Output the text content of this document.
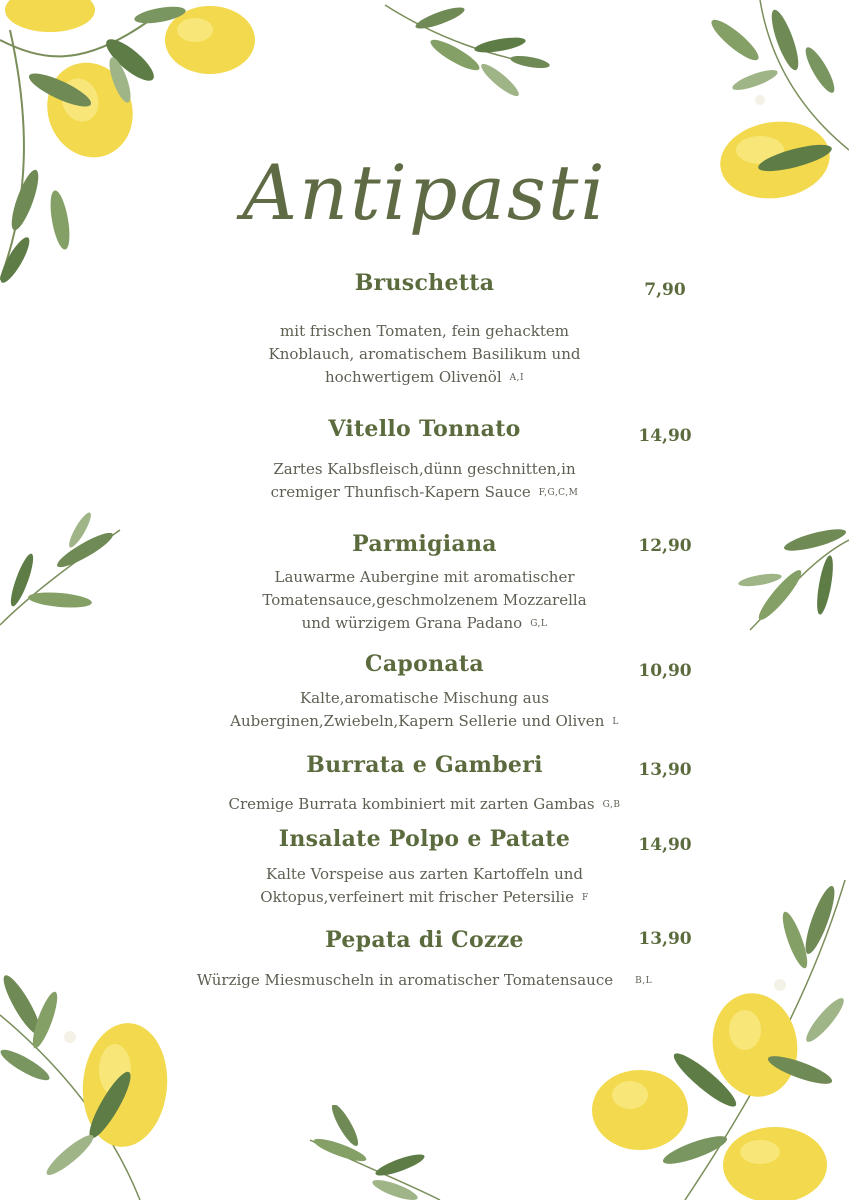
Antipasti
Bruschetta	7,90
mit frischen Tomaten, fein gehacktem
Knoblauch, aromatischem Basilikum und
hochwertigem Olivenöl A,I
Vitello Tonnato	14,90
Zartes Kalbsfleisch,dünn geschnitten,in
cremiger Thunfisch-Kapern Sauce F,G,C,M
Parmigiana	12,90
Lauwarme Aubergine mit aromatischer
Tomatensauce,geschmolzenem Mozzarella
und würzigem Grana Padano G,L
Caponata	10,90
Kalte,aromatische Mischung aus
Auberginen,Zwiebeln,Kapern Sellerie und Oliven L
Burrata e Gamberi	13,90
Cremige Burrata kombiniert mit zarten Gambas G,B
Insalate Polpo e Patate	14,90
Kalte Vorspeise aus zarten Kartoffeln und
Oktopus,verfeinert mit frischer Petersilie F
Pepata di Cozze	13,90
Würzige Miesmuscheln in aromatischer Tomatensauce B,L
